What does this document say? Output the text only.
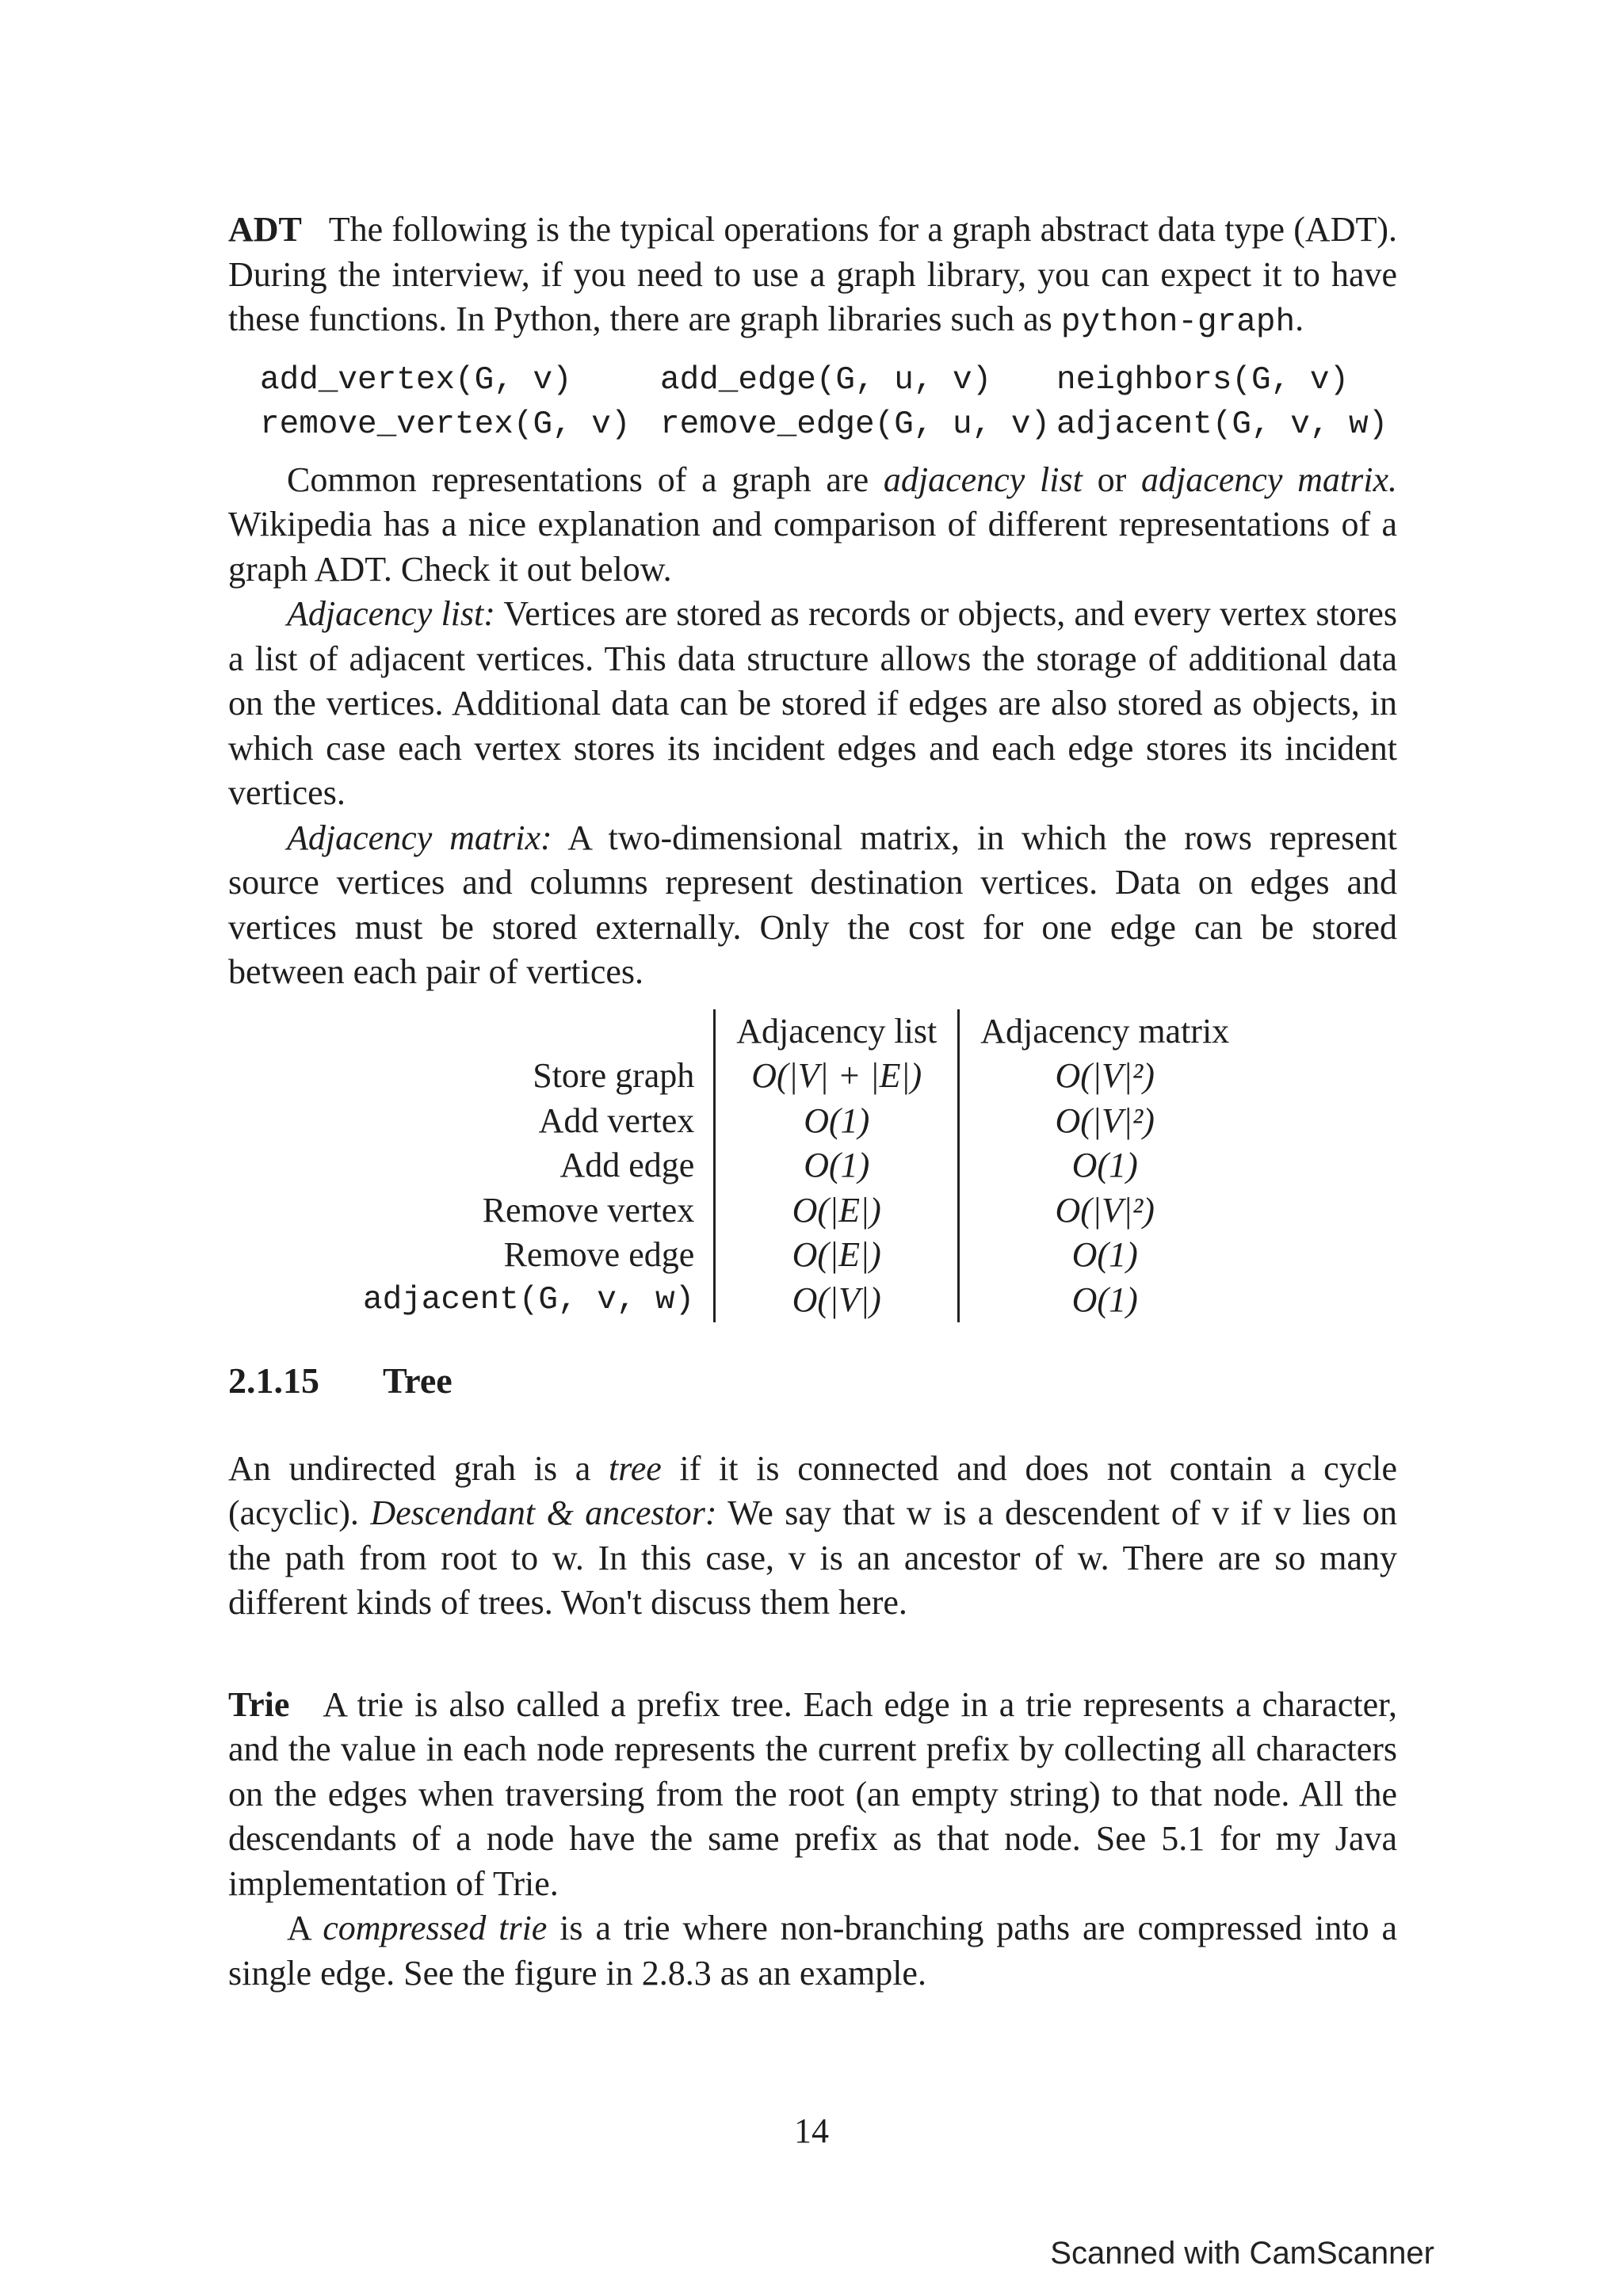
ADT The following is the typical operations for a graph abstract data type (ADT). During the interview, if you need to use a graph library, you can expect it to have these functions. In Python, there are graph libraries such as python-graph.

add_vertex(G, v)	add_edge(G, u, v)	neighbors(G, v)
remove_vertex(G, v) remove_edge(G, u, v) adjacent(G, v, w)

Common representations of a graph are adjacency list or adjacency matrix. Wikipedia has a nice explanation and comparison of different representations of a graph ADT. Check it out below.

Adjacency list: Vertices are stored as records or objects, and every vertex stores a list of adjacent vertices. This data structure allows the storage of additional data on the vertices. Additional data can be stored if edges are also stored as objects, in which case each vertex stores its incident edges and each edge stores its incident vertices.

Adjacency matrix: A two-dimensional matrix, in which the rows represent source vertices and columns represent destination vertices. Data on edges and vertices must be stored externally. Only the cost for one edge can be stored between each pair of vertices.

	Adjacency list	Adjacency matrix
Store graph	O(|V| + |E|)	O(|V|²)
Add vertex	O(1)	O(|V|²)
Add edge	O(1)	O(1)
Remove vertex	O(|E|)	O(|V|²)
Remove edge	O(|E|)	O(1)
adjacent(G, v, w)	O(|V|)	O(1)
2.1.15 Tree

An undirected grah is a tree if it is connected and does not contain a cycle (acyclic). Descendant & ancestor: We say that w is a descendent of v if v lies on the path from root to w. In this case, v is an ancestor of w. There are so many different kinds of trees. Won't discuss them here.

Trie A trie is also called a prefix tree. Each edge in a trie represents a character, and the value in each node represents the current prefix by collecting all characters on the edges when traversing from the root (an empty string) to that node. All the descendants of a node have the same prefix as that node. See 5.1 for my Java implementation of Trie.

A compressed trie is a trie where non-branching paths are compressed into a single edge. See the figure in 2.8.3 as an example.

14
Scanned with CamScanner
